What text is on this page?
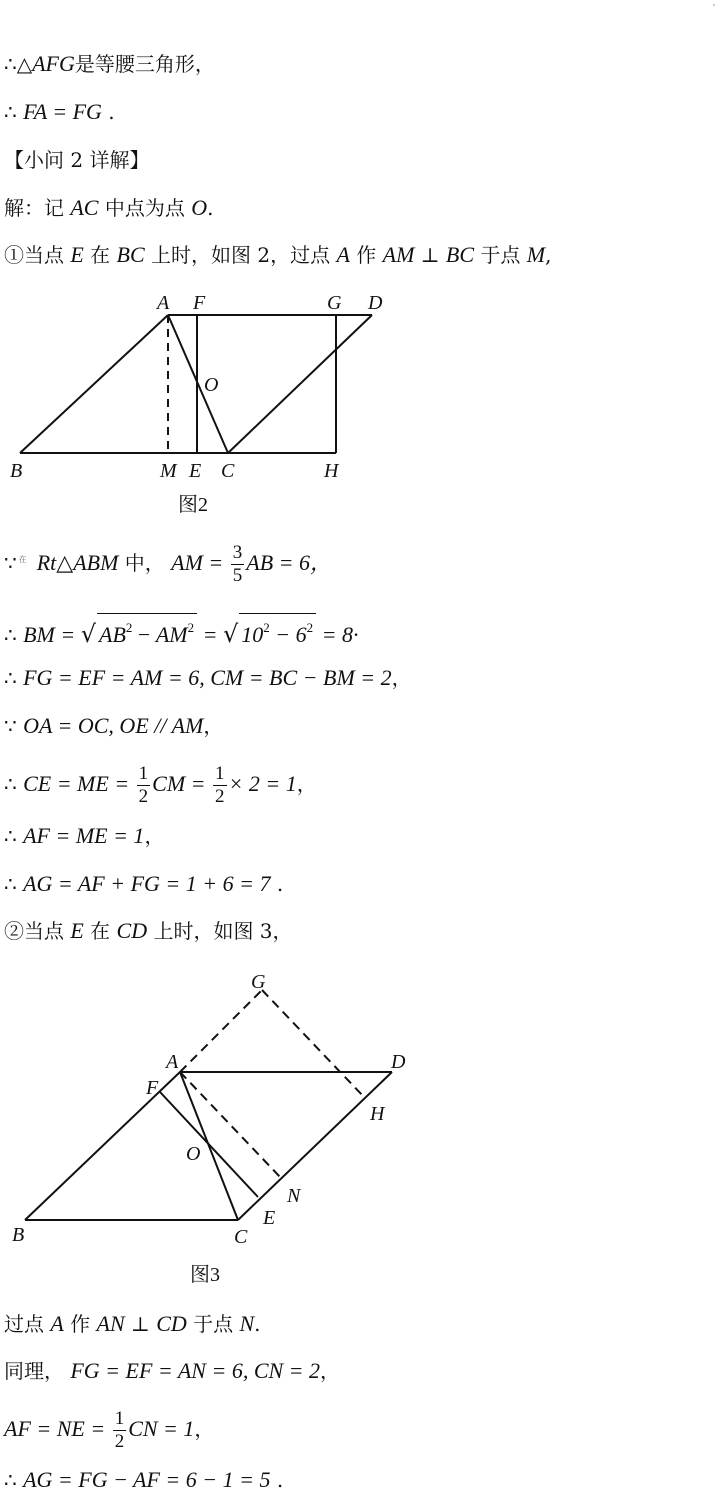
∴△AFG是等腰三角形，
∴ FA = FG .
【小问 2 详解】
解：记 AC 中点为点 O.
①当点 E 在 BC 上时，如图 2，过点 A 作 AM ⊥ BC 于点 M,
A F	G D
O
B	M E C	H
图2
∵ $^在$ Rt△ABM 中， AM = $\frac{3}{5}$ AB = 6，
∴ BM = √ $AB^2 - AM^2$ = √ $10^2 - 6^2 = 8\cdot$
∴ FG = EF = AM = 6, CM = BC − BM = 2，
∵ OA = OC, OE // AM，
∴ CE = ME = $\frac{1}{2}$ CM = $\frac{1}{2} \times 2 = 1$，
∴ AF = ME = 1，
∴ AG = AF + FG = 1 + 6 = 7 .
②当点 E 在 CD 上时，如图 3，
G
A	D
F
H
O
N
E
B	C
图3
过点 A 作 AN ⊥ CD 于点 N.
同理， FG = EF = AN = 6, CN = 2，
AF = NE = $\frac{1}{2}$ CN = 1，
∴ AG = FG − AF = 6 − 1 = 5 .
